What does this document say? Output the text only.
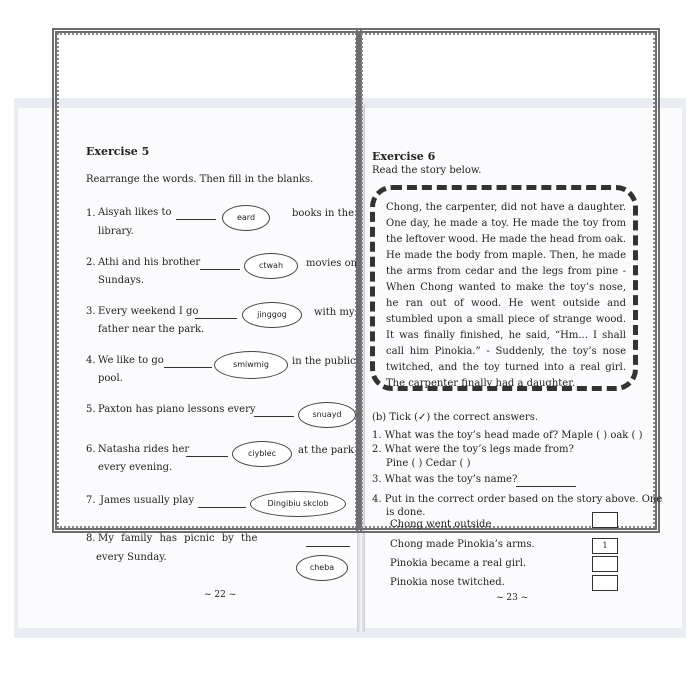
Exercise 5
Rearrange the words. Then fill in the blanks.
1. Aisyah likes to	eard	books in the
library.
2. Athi and his brother	ctwah	movies on
Sundays.
3. Every weekend I go	jinggog	with my
father near the park.
4. We like to go	smiwmig	in the public
pool.
5. Paxton has piano lessons every	snuayd
6. Natasha rides her	ciyblec	at the park
every evening.
7. James usually play	Dingibiu skclob
8. My family has picnic by the
every Sunday.
cheba
~ 22 ~
Exercise 6
Read the story below.
Chong, the carpenter, did not have a daughter. One day, he made a toy. He made the toy from the leftover wood. He made the head from oak. He made the body from maple. Then, he made the arms from cedar and the legs from pine - When Chong wanted to make the toy’s nose, he ran out of wood. He went outside and stumbled upon a small piece of strange wood. It was finally finished, he said, “Hm... I shall call him Pinokia.” - Suddenly, the toy’s nose twitched, and the toy turned into a real girl. The carpenter finally had a daughter.
(b) Tick (✓) the correct answers.
1. What was the toy’s head made of? Maple ( ) oak ( )
2. What were the toy’s legs made from?
Pine ( ) Cedar ( )
3. What was the toy’s name?
4. Put in the correct order based on the story above. One
is done.
Chong went outside
Chong made Pinokia’s arms.
Pinokia became a real girl.
Pinokia nose twitched.
1
~ 23 ~
